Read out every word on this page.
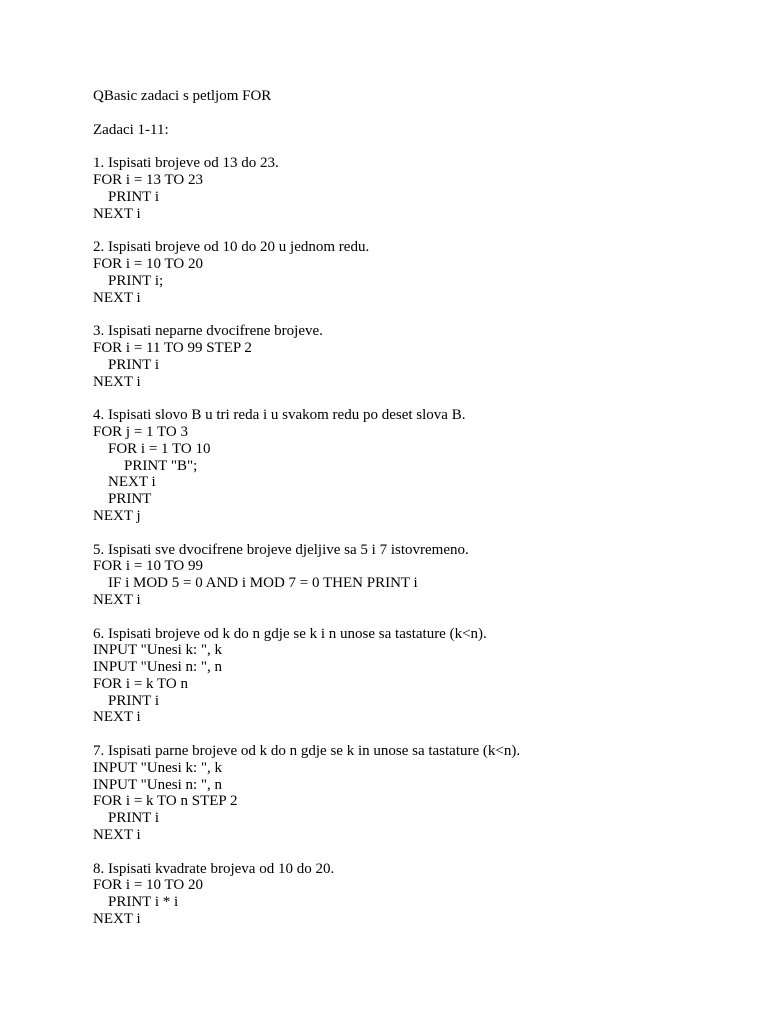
QBasic zadaci s petljom FOR
Zadaci 1-11:
1. Ispisati brojeve od 13 do 23.
FOR i = 13 TO 23
PRINT i
NEXT i
2. Ispisati brojeve od 10 do 20 u jednom redu.
FOR i = 10 TO 20
PRINT i;
NEXT i
3. Ispisati neparne dvocifrene brojeve.
FOR i = 11 TO 99 STEP 2
PRINT i
NEXT i
4. Ispisati slovo B u tri reda i u svakom redu po deset slova B.
FOR j = 1 TO 3
FOR i = 1 TO 10
PRINT "B";
NEXT i
PRINT
NEXT j
5. Ispisati sve dvocifrene brojeve djeljive sa 5 i 7 istovremeno.
FOR i = 10 TO 99
IF i MOD 5 = 0 AND i MOD 7 = 0 THEN PRINT i
NEXT i
6. Ispisati brojeve od k do n gdje se k i n unose sa tastature (k<n).
INPUT "Unesi k: ", k
INPUT "Unesi n: ", n
FOR i = k TO n
PRINT i
NEXT i
7. Ispisati parne brojeve od k do n gdje se k in unose sa tastature (k<n).
INPUT "Unesi k: ", k
INPUT "Unesi n: ", n
FOR i = k TO n STEP 2
PRINT i
NEXT i
8. Ispisati kvadrate brojeva od 10 do 20.
FOR i = 10 TO 20
PRINT i * i
NEXT i
